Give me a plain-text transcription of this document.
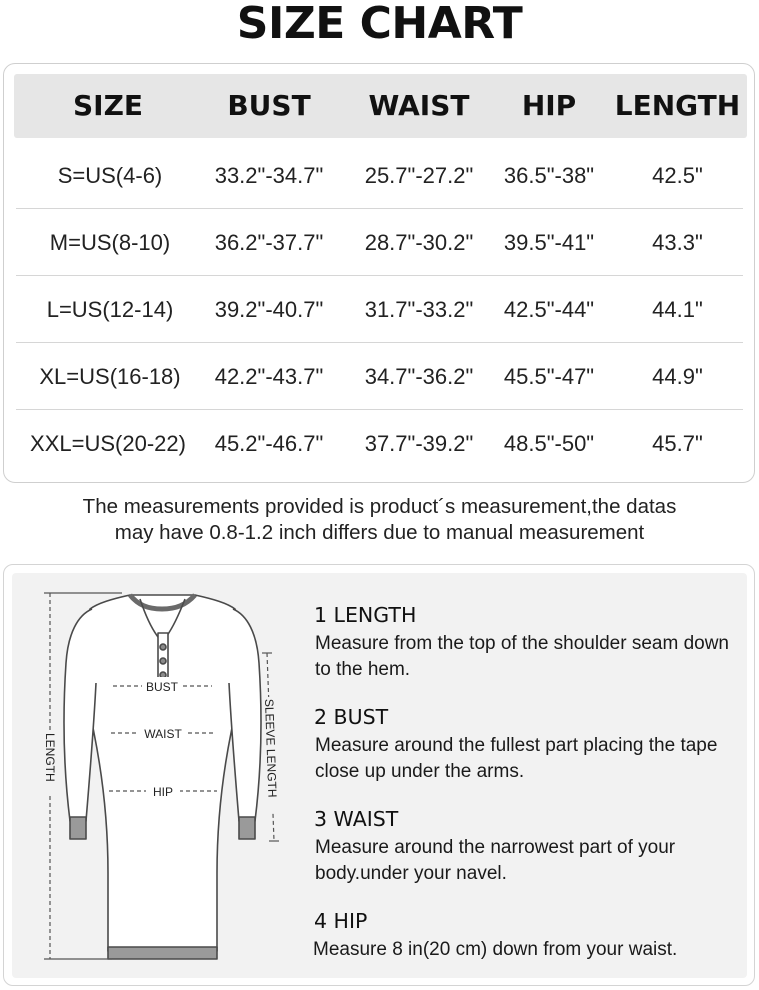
SIZE CHART
SIZE	BUST	WAIST	HIP	LENGTH
S=US(4-6)	33.2"-34.7"	25.7"-27.2"	36.5"-38"	42.5"
M=US(8-10)	36.2"-37.7"	28.7"-30.2"	39.5"-41"	43.3"
L=US(12-14)	39.2"-40.7"	31.7"-33.2"	42.5"-44"	44.1"
XL=US(16-18)	42.2"-43.7"	34.7"-36.2"	45.5"-47"	44.9"
XXL=US(20-22)	45.2"-46.7"	37.7"-39.2"	48.5"-50"	45.7"
The measurements provided is product´s measurement,the datas
may have 0.8-1.2 inch differs due to manual measurement
BUST
WAIST
HIP
LENGTH	SLEEVE LENGTH
1 LENGTH
Measure from the top of the shoulder seam down to the hem.
2 BUST
Measure around the fullest part placing the tape close up under the arms.
3 WAIST
Measure around the narrowest part of your body.under your navel.
4 HIP
Measure 8 in(20 cm) down from your waist.
